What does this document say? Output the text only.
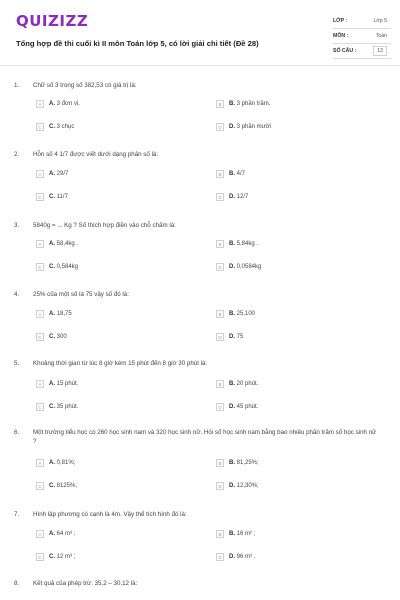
QUIZIZZ
Tổng hợp đề thi cuối kì II môn Toán lớp 5, có lời giải chi tiết (Đề 28)
LỚP :	Lớp 5
MÔN :	Toán
SỐ CÂU :	13
1. Chữ số 3 trong số 382,53 có giá trị là:
A	A. 3 đơn vị.	B	B. 3 phần trăm.
C	C. 3 chục	D	D. 3 phần mười
2. Hỗn số 4 1/7 được viết dưới dạng phân số là:
A	A. 29/7	B	B. 4/7
C	C. 11/7	D	D. 12/7
3. 5840g = ... Kg ? Số thích hợp điền vào chỗ chấm là:
A	A. 58,4kg .	B	B. 5,84kg .
C	C. 0,584kg	D	D. 0,0584kg
4. 25% của một số là 75 vậy số đó là:
A	A. 18,75	B	B. 25,100
C	C. 300	D	D. 75
5. Khoảng thời gian từ lúc 8 giờ kém 15 phút đến 8 giờ 30 phút là:
A	A. 15 phút.	B	B. 20 phút.
C	C. 35 phút.	D	D. 45 phút.
6. Một trường tiểu học có 260 học sinh nam và 320 học sinh nữ. Hỏi số học sinh nam bằng bao nhiêu phần trăm số học sinh nữ ?
A	A. 0,81%;	B	B. 81,25%;
C	C. 8125%;	D	D. 12,30%;
7. Hình lập phương có cạnh là 4m. Vậy thể tích hình đó là:
A	A. 64 m³ ;	B	B. 16 m² ;
C	C. 12 m³ ;	D	D. 96 m³ .
8. Kết quả của phép trừ: 35,2 – 30,12 là:
